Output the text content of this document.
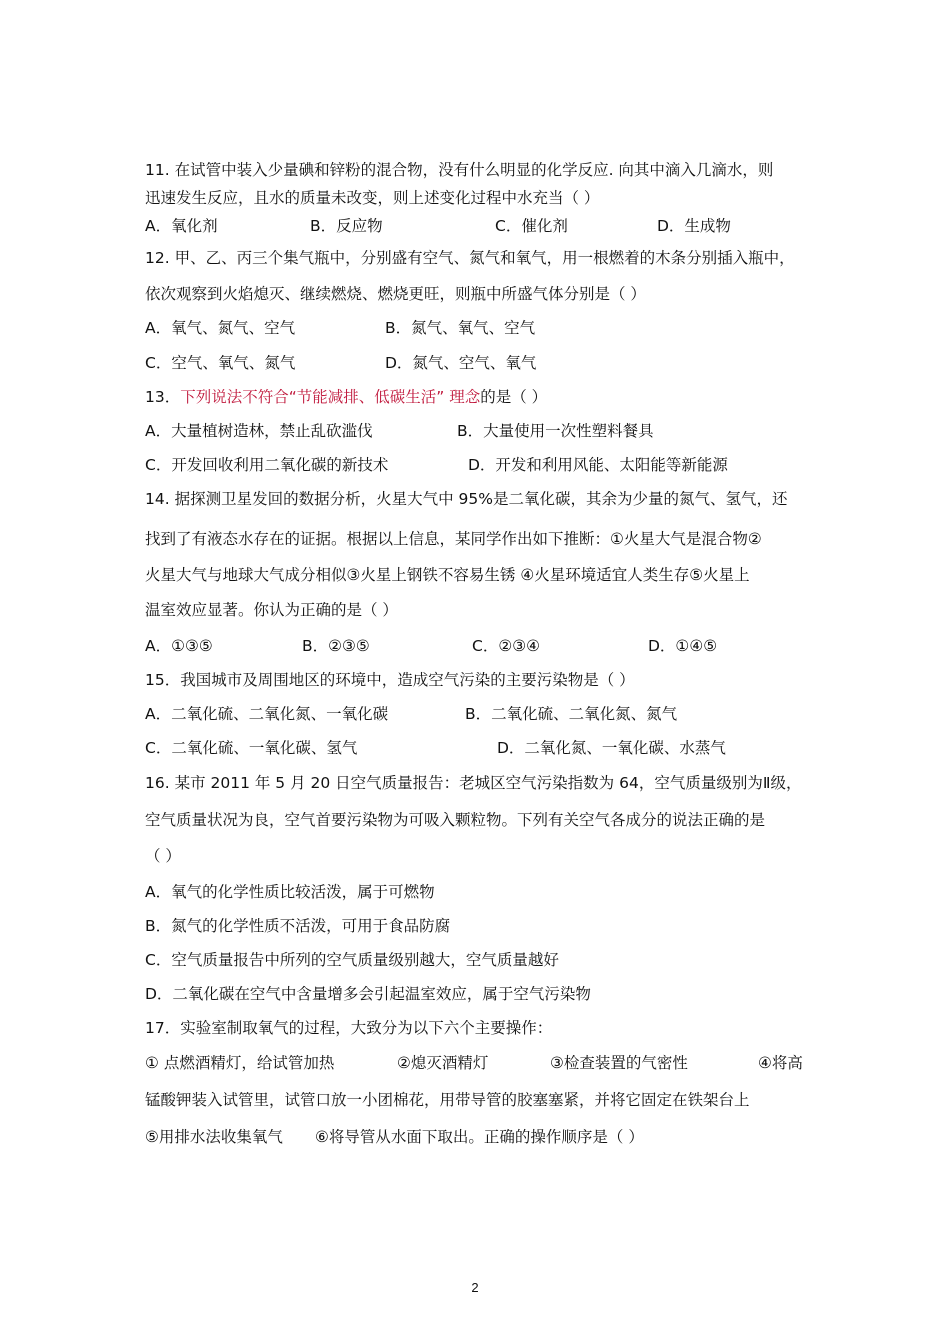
11. 在试管中装入少量碘和锌粉的混合物，没有什么明显的化学反应. 向其中滴入几滴水，则
迅速发生反应，且水的质量未改变，则上述变化过程中水充当（ ）
A．氧化剂	B．反应物	C．催化剂	D．生成物
12. 甲、乙、丙三个集气瓶中，分别盛有空气、氮气和氧气，用一根燃着的木条分别插入瓶中，
依次观察到火焰熄灭、继续燃烧、燃烧更旺，则瓶中所盛气体分别是（ ）
A．氧气、氮气、空气	B．氮气、氧气、空气
C．空气、氧气、氮气	D．氮气、空气、氧气
13．下列说法不符合“节能减排、低碳生活” 理念的是（ ）
A．大量植树造林，禁止乱砍滥伐	B．大量使用一次性塑料餐具
C．开发回收利用二氧化碳的新技术	D．开发和利用风能、太阳能等新能源
14. 据探测卫星发回的数据分析，火星大气中 95%是二氧化碳，其余为少量的氮气、氢气，还
找到了有液态水存在的证据。根据以上信息，某同学作出如下推断：①火星大气是混合物②
火星大气与地球大气成分相似③火星上钢铁不容易生锈 ④火星环境适宜人类生存⑤火星上
温室效应显著。你认为正确的是（ ）
A．①③⑤	B．②③⑤	C．②③④	D．①④⑤
15．我国城市及周围地区的环境中，造成空气污染的主要污染物是（ ）
A．二氧化硫、二氧化氮、一氧化碳	B．二氧化硫、二氧化氮、氮气
C．二氧化硫、一氧化碳、氢气	D．二氧化氮、一氧化碳、水蒸气
16. 某市 2011 年 5 月 20 日空气质量报告：老城区空气污染指数为 64，空气质量级别为Ⅱ级，
空气质量状况为良，空气首要污染物为可吸入颗粒物。下列有关空气各成分的说法正确的是
（ ）
A．氧气的化学性质比较活泼，属于可燃物
B．氮气的化学性质不活泼，可用于食品防腐
C．空气质量报告中所列的空气质量级别越大，空气质量越好
D．二氧化碳在空气中含量增多会引起温室效应，属于空气污染物
17．实验室制取氧气的过程，大致分为以下六个主要操作：
① 点燃酒精灯，给试管加热	②熄灭酒精灯	③检查装置的气密性	④将高
锰酸钾装入试管里，试管口放一小团棉花，用带导管的胶塞塞紧，并将它固定在铁架台上
⑤用排水法收集氧气 ⑥将导管从水面下取出。正确的操作顺序是（ ）
2
